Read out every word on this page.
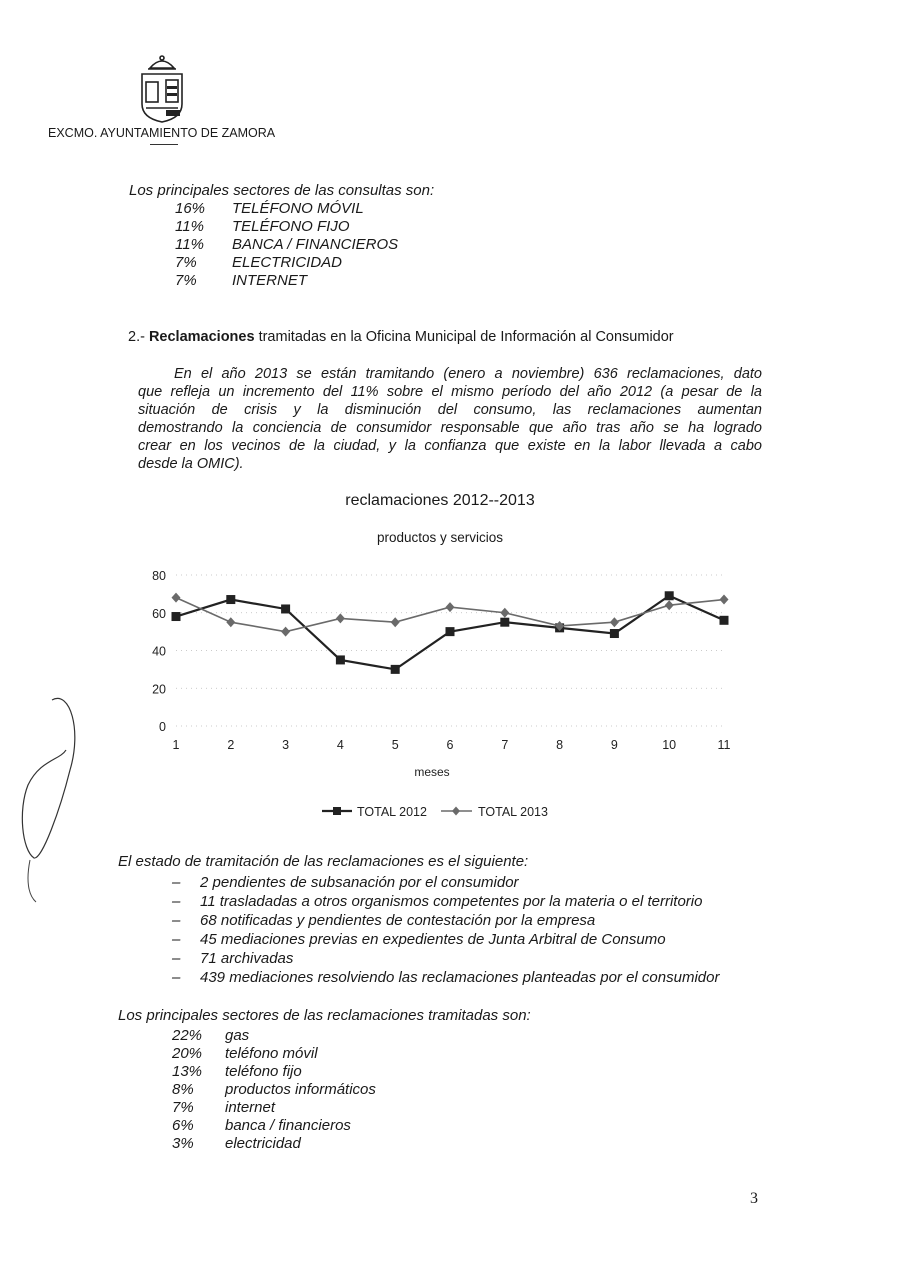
EXCMO. AYUNTAMIENTO DE ZAMORA
Los principales sectores de las consultas son:
16% TELÉFONO MÓVIL
11% TELÉFONO FIJO
11% BANCA / FINANCIEROS
7% ELECTRICIDAD
7% INTERNET
2.- Reclamaciones tramitadas en la Oficina Municipal de Información al Consumidor
En el año 2013 se están tramitando (enero a noviembre) 636 reclamaciones, dato
que refleja un incremento del 11% sobre el mismo período del año 2012 (a pesar de la
situación de crisis y la disminución del consumo, las reclamaciones aumentan
demostrando la conciencia de consumidor responsable que año tras año se ha logrado
crear en los vecinos de la ciudad, y la confianza que existe en la labor llevada a cabo
desde la OMIC).
reclamaciones 2012--2013
productos y servicios
0
20
40
60
80
1	2	3	4	5	6	7	8	9	10	11
meses
TOTAL 2012	TOTAL 2013
El estado de tramitación de las reclamaciones es el siguiente:
– 2 pendientes de subsanación por el consumidor
– 11 trasladadas a otros organismos competentes por la materia o el territorio
– 68 notificadas y pendientes de contestación por la empresa
– 45 mediaciones previas en expedientes de Junta Arbitral de Consumo
– 71 archivadas
– 439 mediaciones resolviendo las reclamaciones planteadas por el consumidor
Los principales sectores de las reclamaciones tramitadas son:
22% gas
20% teléfono móvil
13% teléfono fijo
8% productos informáticos
7% internet
6% banca / financieros
3% electricidad
3
